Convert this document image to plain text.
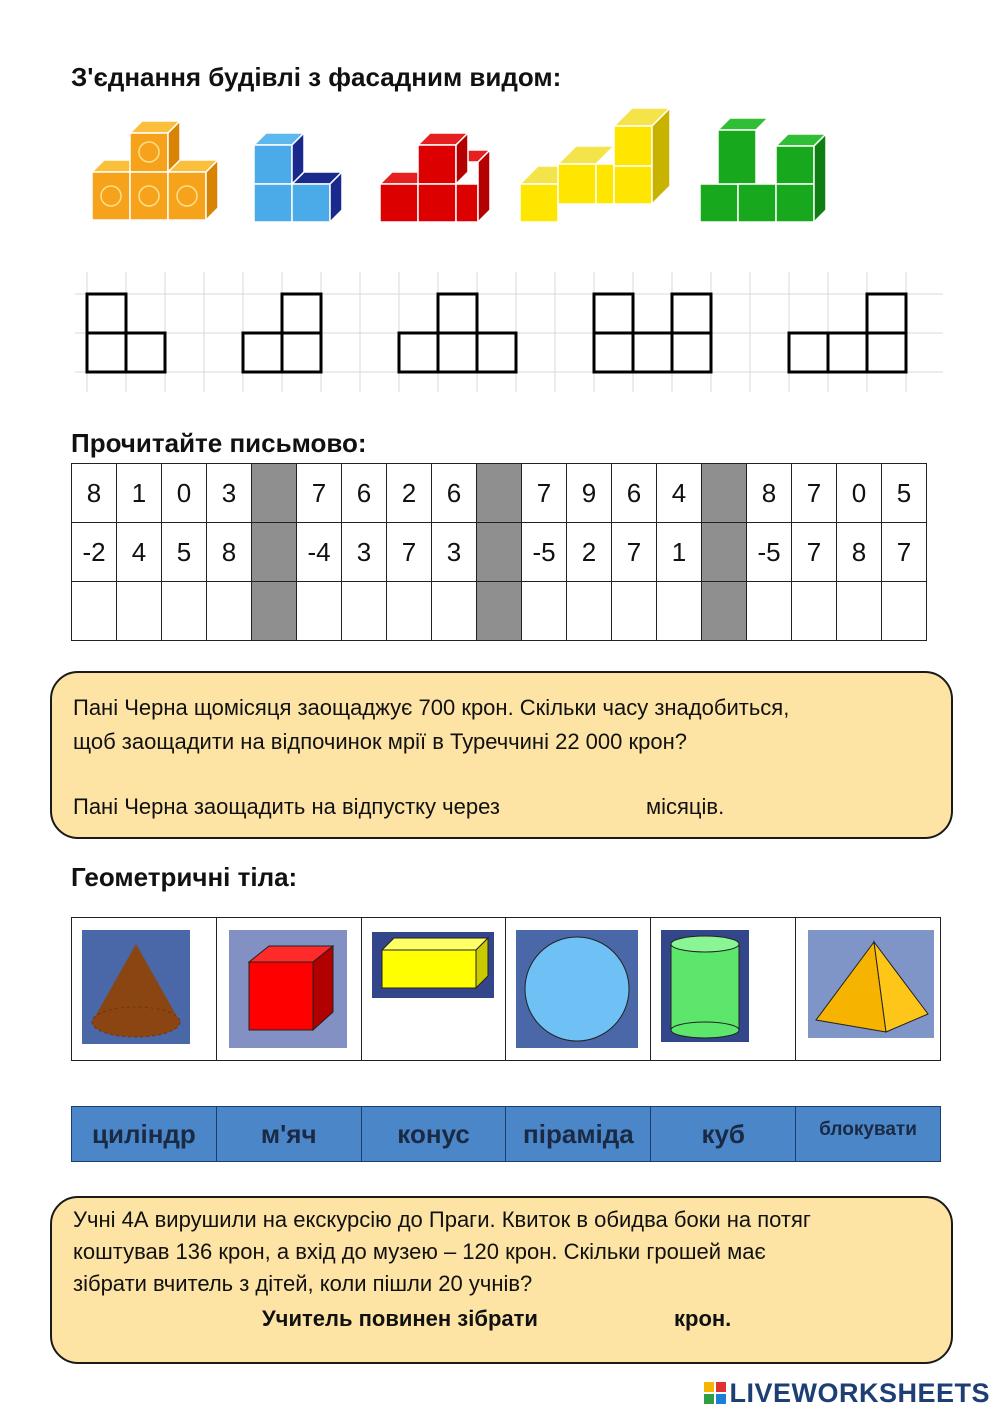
З'єднання будівлі з фасадним видом:
Прочитайте письмово:
8	1	0	3		7	6	2	6		7	9	6	4		8	7	0	5
-2	4	5	8		-4	3	7	3		-5	2	7	1		-5	7	8	7

Пані Черна щомісяця заощаджує 700 крон. Скільки часу знадобиться,
щоб заощадити на відпочинок мрії в Туреччині 22 000 крон?
Пані Черна заощадить на відпустку через	місяців.
Геометричні тіла:
циліндр	м'яч	конус	піраміда	куб	блокувати
Учні 4А вирушили на екскурсію до Праги. Квиток в обидва боки на потяг
коштував 136 крон, а вхід до музею – 120 крон. Скільки грошей має
зібрати вчитель з дітей, коли пішли 20 учнів?
Учитель повинен зібрати	крон.
LIVEWORKSHEETS
